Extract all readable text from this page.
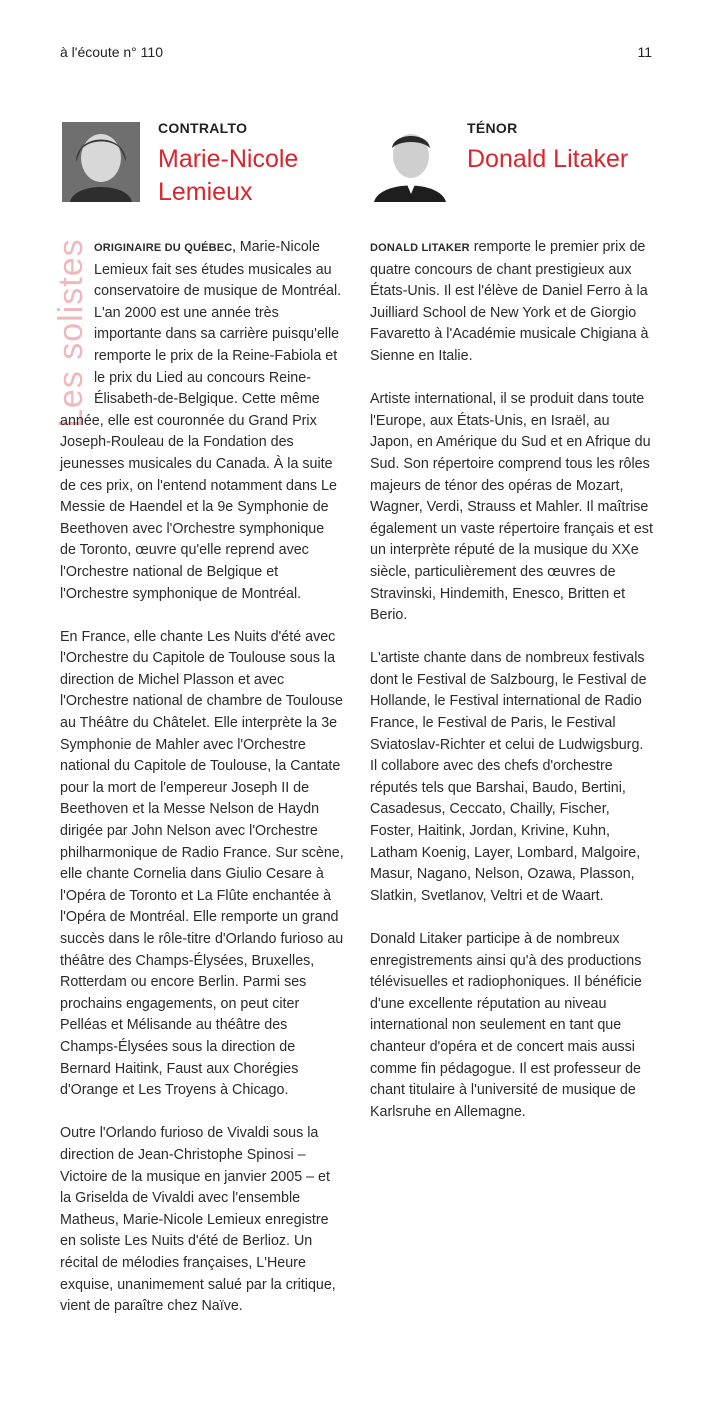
à l'écoute n° 110	11
Les solistes
CONTRALTO
Marie-Nicole
Lemieux

ORIGINAIRE DU QUÉBEC, Marie-Nicole Lemieux fait ses études musicales au conservatoire de musique de Montréal. L'an 2000 est une année très importante dans sa carrière puisqu'elle remporte le prix de la Reine-Fabiola et le prix du Lied au concours Reine-Élisabeth-de-Belgique. Cette même année, elle est couronnée du Grand Prix Joseph-Rouleau de la Fondation des jeunesses musicales du Canada. À la suite de ces prix, on l'entend notamment dans Le Messie de Haendel et la 9e Symphonie de Beethoven avec l'Orchestre symphonique de Toronto, œuvre qu'elle reprend avec l'Orchestre national de Belgique et l'Orchestre symphonique de Montréal.

En France, elle chante Les Nuits d'été avec l'Orchestre du Capitole de Toulouse sous la direction de Michel Plasson et avec l'Orchestre national de chambre de Toulouse au Théâtre du Châtelet. Elle interprète la 3e Symphonie de Mahler avec l'Orchestre national du Capitole de Toulouse, la Cantate pour la mort de l'empereur Joseph II de Beethoven et la Messe Nelson de Haydn dirigée par John Nelson avec l'Orchestre philharmonique de Radio France. Sur scène, elle chante Cornelia dans Giulio Cesare à l'Opéra de Toronto et La Flûte enchantée à l'Opéra de Montréal. Elle remporte un grand succès dans le rôle-titre d'Orlando furioso au théâtre des Champs-Élysées, Bruxelles, Rotterdam ou encore Berlin. Parmi ses prochains engagements, on peut citer Pelléas et Mélisande au théâtre des Champs-Élysées sous la direction de Bernard Haitink, Faust aux Chorégies d'Orange et Les Troyens à Chicago.

Outre l'Orlando furioso de Vivaldi sous la direction de Jean-Christophe Spinosi – Victoire de la musique en janvier 2005 – et la Griselda de Vivaldi avec l'ensemble Matheus, Marie-Nicole Lemieux enregistre en soliste Les Nuits d'été de Berlioz. Un récital de mélodies françaises, L'Heure exquise, unanimement salué par la critique, vient de paraître chez Naïve.

TÉNOR
Donald Litaker

DONALD LITAKER remporte le premier prix de quatre concours de chant prestigieux aux États-Unis. Il est l'élève de Daniel Ferro à la Juilliard School de New York et de Giorgio Favaretto à l'Académie musicale Chigiana à Sienne en Italie.

Artiste international, il se produit dans toute l'Europe, aux États-Unis, en Israël, au Japon, en Amérique du Sud et en Afrique du Sud. Son répertoire comprend tous les rôles majeurs de ténor des opéras de Mozart, Wagner, Verdi, Strauss et Mahler. Il maîtrise également un vaste répertoire français et est un interprète réputé de la musique du XXe siècle, particulièrement des œuvres de Stravinski, Hindemith, Enesco, Britten et Berio.

L'artiste chante dans de nombreux festivals dont le Festival de Salzbourg, le Festival de Hollande, le Festival international de Radio France, le Festival de Paris, le Festival Sviatoslav-Richter et celui de Ludwigsburg. Il collabore avec des chefs d'orchestre réputés tels que Barshai, Baudo, Bertini, Casadesus, Ceccato, Chailly, Fischer, Foster, Haitink, Jordan, Krivine, Kuhn, Latham Koenig, Layer, Lombard, Malgoire, Masur, Nagano, Nelson, Ozawa, Plasson, Slatkin, Svetlanov, Veltri et de Waart.

Donald Litaker participe à de nombreux enregistrements ainsi qu'à des productions télévisuelles et radiophoniques. Il bénéficie d'une excellente réputation au niveau international non seulement en tant que chanteur d'opéra et de concert mais aussi comme fin pédagogue. Il est professeur de chant titulaire à l'université de musique de Karlsruhe en Allemagne.
